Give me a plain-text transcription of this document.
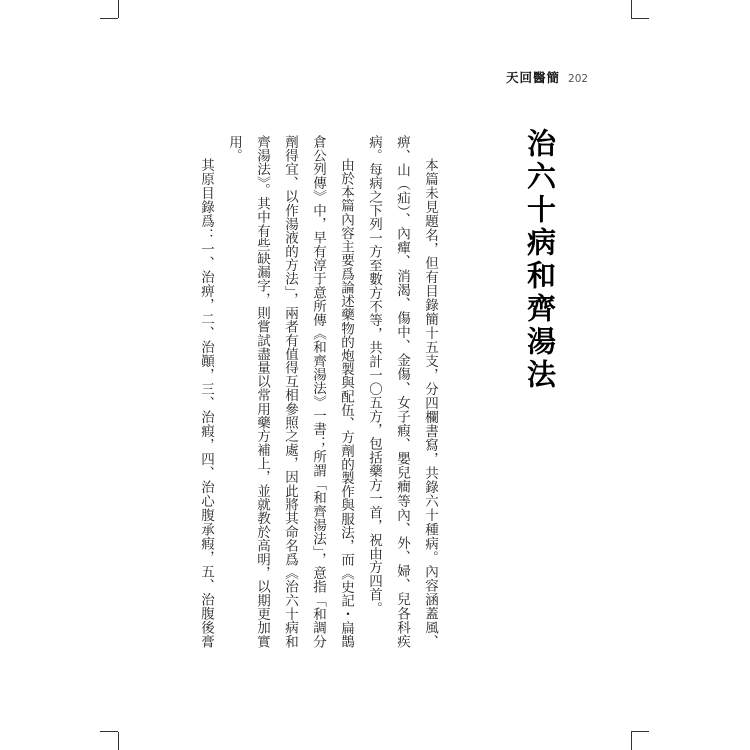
天回醫簡 202
治六十病和齊湯法
本篇未見題名，但有目錄簡十五支，分四欄書寫，共錄六十種病。內容涵蓋風、
痹、山（疝）、內癉、消渴、傷中、金傷、女子瘕、嬰兒癎等內、外、婦、兒各科疾
病。每病之下列一方至數方不等，共計一〇五方，包括藥方一首，祝由方四首。
由於本篇內容主要爲論述藥物的炮製與配伍、方劑的製作與服法，而《史記・扁鵲
倉公列傳》中，早有淳于意所傳《和齊湯法》一書；所謂「和齊湯法」，意指「和調分
劑得宜、以作湯液的方法」，兩者有值得互相參照之處，因此將其命名爲《治六十病和
齊湯法》。其中有些缺漏字，則嘗試盡量以常用藥方補上，並就教於高明，以期更加實
用。
其原目錄爲：一、治痹，二、治顚，三、治瘕，四、治心腹承瘕，五、治腹後膏
